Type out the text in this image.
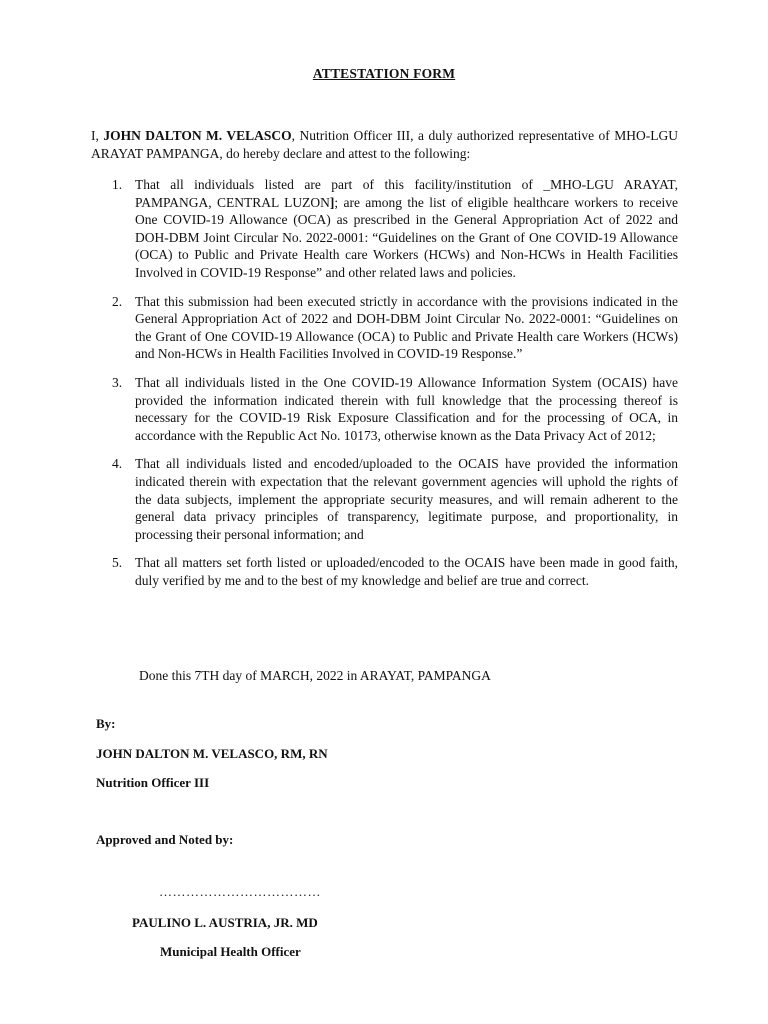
ATTESTATION FORM
I, JOHN DALTON M. VELASCO, Nutrition Officer III, a duly authorized representative of MHO-LGU ARAYAT PAMPANGA, do hereby declare and attest to the following:
1. That all individuals listed are part of this facility/institution of _MHO-LGU ARAYAT, PAMPANGA, CENTRAL LUZON]; are among the list of eligible healthcare workers to receive One COVID-19 Allowance (OCA) as prescribed in the General Appropriation Act of 2022 and DOH-DBM Joint Circular No. 2022-0001: “Guidelines on the Grant of One COVID-19 Allowance (OCA) to Public and Private Health care Workers (HCWs) and Non-HCWs in Health Facilities Involved in COVID-19 Response” and other related laws and policies.
2. That this submission had been executed strictly in accordance with the provisions indicated in the General Appropriation Act of 2022 and DOH-DBM Joint Circular No. 2022-0001: “Guidelines on the Grant of One COVID-19 Allowance (OCA) to Public and Private Health care Workers (HCWs) and Non-HCWs in Health Facilities Involved in COVID-19 Response.”
3. That all individuals listed in the One COVID-19 Allowance Information System (OCAIS) have provided the information indicated therein with full knowledge that the processing thereof is necessary for the COVID-19 Risk Exposure Classification and for the processing of OCA, in accordance with the Republic Act No. 10173, otherwise known as the Data Privacy Act of 2012;
4. That all individuals listed and encoded/uploaded to the OCAIS have provided the information indicated therein with expectation that the relevant government agencies will uphold the rights of the data subjects, implement the appropriate security measures, and will remain adherent to the general data privacy principles of transparency, legitimate purpose, and proportionality, in processing their personal information; and
5. That all matters set forth listed or uploaded/encoded to the OCAIS have been made in good faith, duly verified by me and to the best of my knowledge and belief are true and correct.
Done this 7TH day of MARCH, 2022 in ARAYAT, PAMPANGA
By:
JOHN DALTON M. VELASCO, RM, RN
Nutrition Officer III
Approved and Noted by:
………………………………
PAULINO L. AUSTRIA, JR. MD
Municipal Health Officer
